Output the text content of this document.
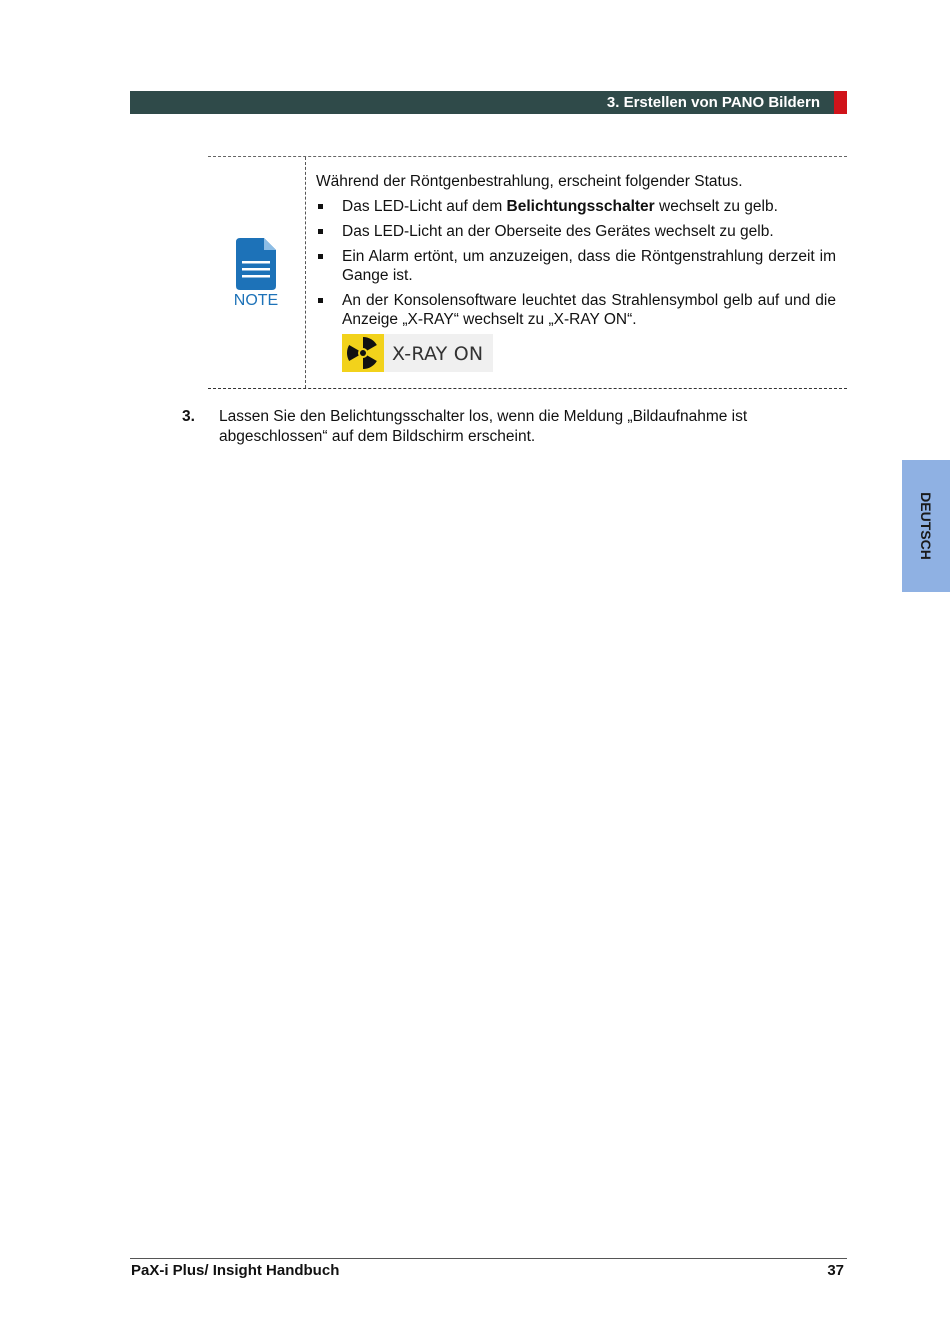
3. Erstellen von PANO Bildern
NOTE

Während der Röntgenbestrahlung, erscheint folgender Status.

Das LED-Licht auf dem Belichtungsschalter wechselt zu gelb.
Das LED-Licht an der Oberseite des Gerätes wechselt zu gelb.
Ein Alarm ertönt, um anzuzeigen, dass die Röntgenstrahlung derzeit im Gange ist.
An der Konsolensoftware leuchtet das Strahlensymbol gelb auf und die Anzeige „X-RAY“ wechselt zu „X-RAY ON“.
X-RAY ON
3. Lassen Sie den Belichtungsschalter los, wenn die Meldung „Bildaufnahme ist abgeschlossen“ auf dem Bildschirm erscheint.
DEUTSCH
PaX-i Plus/ Insight Handbuch	37
